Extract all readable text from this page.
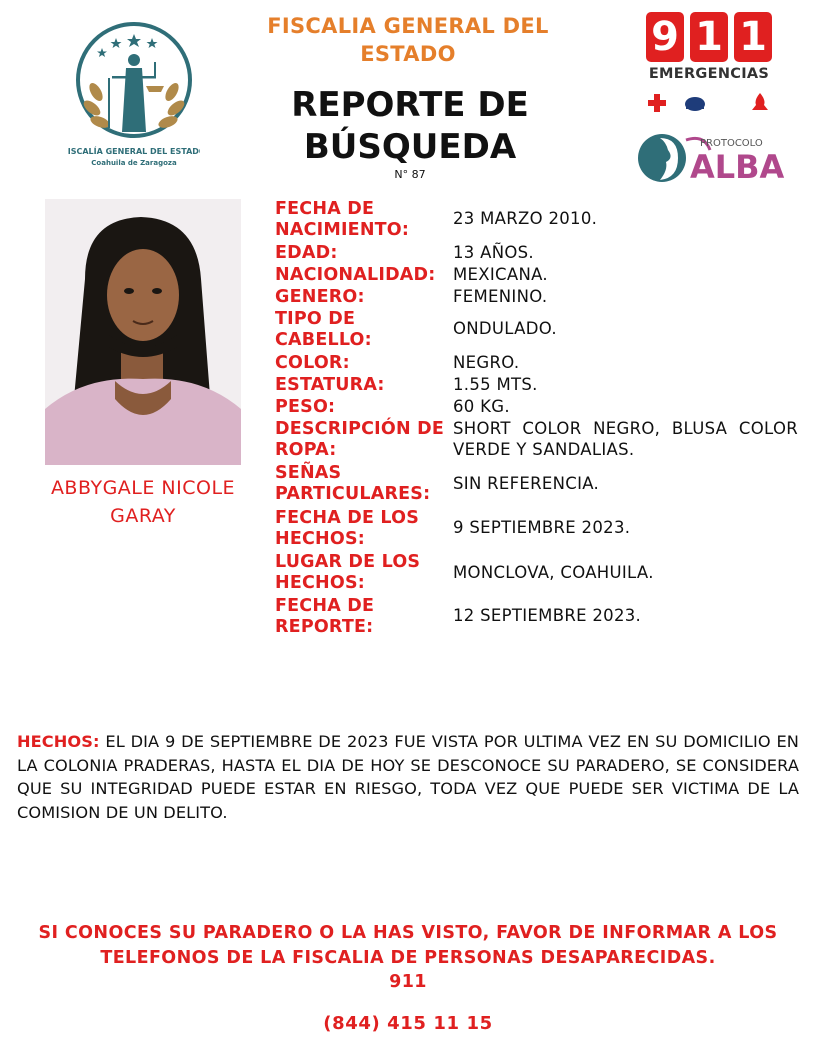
FISCALIA GENERAL DEL ESTADO
REPORTE DE BÚSQUEDA
N° 87
FISCALÍA GENERAL DEL ESTADO
Coahuila de Zaragoza
9 1 1
EMERGENCIAS
PROTOCOLO
ALBA
ABBYGALE NICOLE GARAY
FECHA DE NACIMIENTO:
23 MARZO 2010.
EDAD:	13 AÑOS.
NACIONALIDAD:	MEXICANA.
GENERO:	FEMENINO.
TIPO DE CABELLO:
ONDULADO.
COLOR:	NEGRO.
ESTATURA:	1.55 MTS.
PESO:	60 KG.
DESCRIPCIÓN DE ROPA:
SHORT COLOR NEGRO, BLUSA COLOR VERDE Y SANDALIAS.
SEÑAS PARTICULARES: SIN REFERENCIA.
FECHA DE LOS HECHOS:
9 SEPTIEMBRE 2023.
LUGAR DE LOS HECHOS:	MONCLOVA, COAHUILA.
FECHA DE REPORTE:
12 SEPTIEMBRE 2023.
HECHOS: EL DIA 9 DE SEPTIEMBRE DE 2023 FUE VISTA POR ULTIMA VEZ EN SU DOMICILIO EN LA COLONIA PRADERAS, HASTA EL DIA DE HOY SE DESCONOCE SU PARADERO, SE CONSIDERA QUE SU INTEGRIDAD PUEDE ESTAR EN RIESGO, TODA VEZ QUE PUEDE SER VICTIMA DE LA COMISION DE UN DELITO.
SI CONOCES SU PARADERO O LA HAS VISTO, FAVOR DE INFORMAR A LOS TELEFONOS DE LA FISCALIA DE PERSONAS DESAPARECIDAS.
911
(844) 415 11 15
